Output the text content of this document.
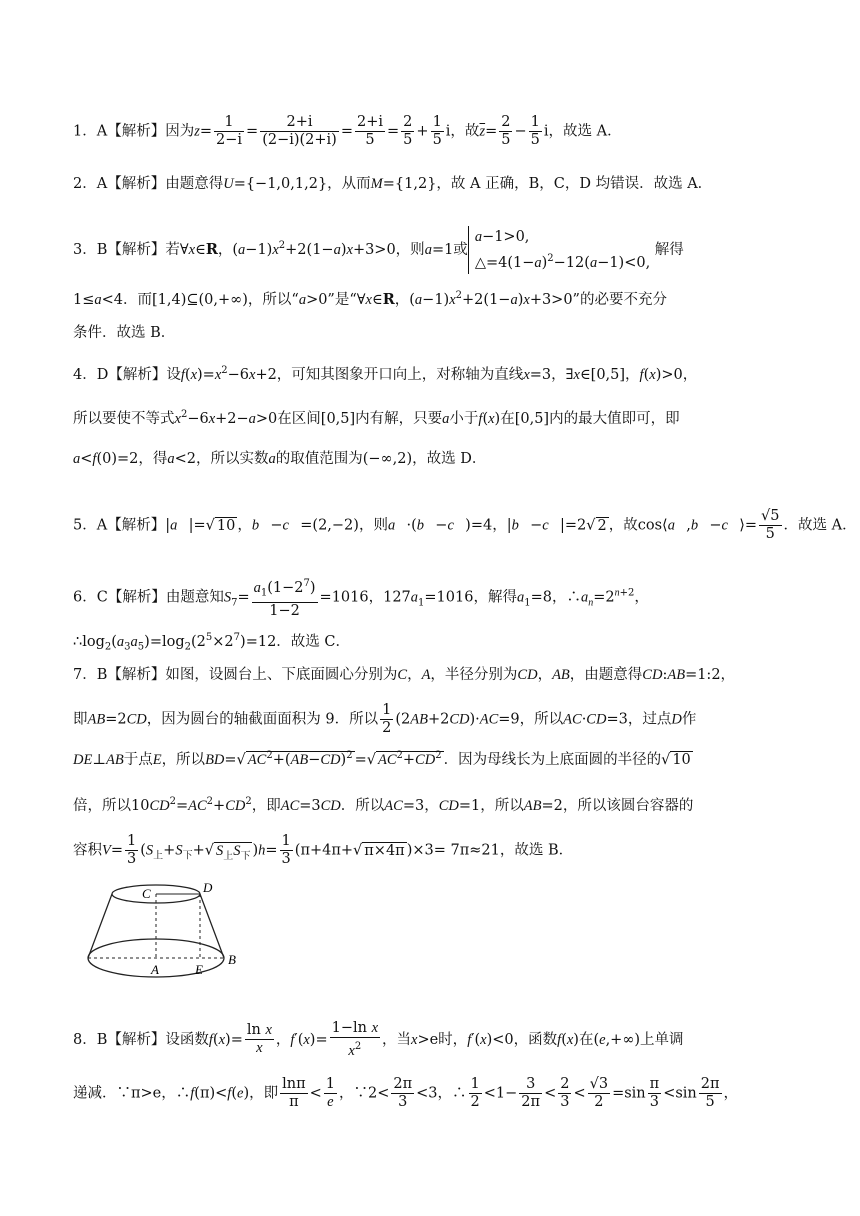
1．A【解析】因为$z= \frac{1}{2-i} = \frac{2+i}{(2-i)(2+i)} = \frac{2+i}{5} = \frac{2}{5} + \frac{1}{5}$ i，故$\overline{z}= \frac{2}{5} - \frac{1}{5}$ i，故选 A．
2．A【解析】由题意得U={−1,0,1,2}，从而M={1,2}，故 A 正确，B，C，D 均错误．故选 A．
3．B【解析】若∀x∈R，$(a-1)x^2+2(1-a)x+3>0$，则a=1或
a−1>0,
$\triangle=4(1-a)^2-12(a-1)<0$,
解得
1≤a<4．而[1,4)⊆(0,+∞)，所以“a>0”是“∀x∈R，$(a-1)x^2+2(1-a)x+3>0$”的必要不充分
条件．故选 B．
4．D【解析】设$f(x)=x^2-6x+2$，可知其图象开口向上，对称轴为直线x=3，∃x∈[0,5]，f(x)>0，
所以要使不等式$x^2-6x+2-a>0$在区间[0,5]内有解，只要a小于f(x)在[0,5]内的最大值即可，即
a<f(0)=2，得a<2，所以实数a的取值范围为(−∞,2)，故选 D．
5．A【解析】|a⃗|=√ 10 ，b⃗−c⃗=(2,−2)，则a⃗·(b⃗−c⃗)=4，|b⃗−c⃗|=2√ 2 ，故cos⟨a⃗,b⃗−c⃗⟩= $\frac{√5}{5}$ ．故选 A．
6．C【解析】由题意知$S_7= \frac{a_1(1-2^7)}{1-2} =1016$，$127a_1=1016$，解得$a_1=8$，$\therefore a_n=2^{n+2}$，
$\therefore\log_2(a_3a_5)=\log_2(2^5\times 2^7)=12$．故选 C．
7．B【解析】如图，设圆台上、下底面圆心分别为C，A，半径分别为CD，AB，由题意得CD:AB=1:2，
即AB=2CD，因为圆台的轴截面面积为 9．所以 $\frac{1}{2} (2AB+2CD)\cdot AC=9$，所以AC·CD=3，过点D作
DE⊥AB于点E，所以BD=√ $AC^2+(AB-CD)^2$ =√ $AC^2+CD^2$ ．因为母线长为上底面圆的半径的√ 10
倍，所以$10CD^2=AC^2+CD^2$，即AC=3CD．所以AC=3，CD=1，所以AB=2，所以该圆台容器的
容积$V= \frac{1}{3} (S_上+S_下+√$ $S_上S_下$ )$h= \frac{1}{3} (\pi+4\pi+√$ π×4π )×3= 7π≈21，故选 B．
C	D
A	E
B
8．B【解析】设函数$f(x)= \frac{\text{ln x}}{x}$ ，$f'(x)= \frac{\text{1−ln x}}{x^2}$ ，当x>e时，f′(x)<0，函数f(x)在(e,+∞)上单调
递减．∵π>e，∴f(π)<f(e)，即 $\frac{\ln\pi}{\pi} < \frac{1}{e}$ ，∵2< $\frac{2\pi}{3} <3$，∴ $\frac{1}{2} <1- \frac{3}{2\pi} < \frac{2}{3} < \frac{√3}{2} =\sin \frac{\pi}{3} <\sin \frac{2\pi}{5}$ ，
